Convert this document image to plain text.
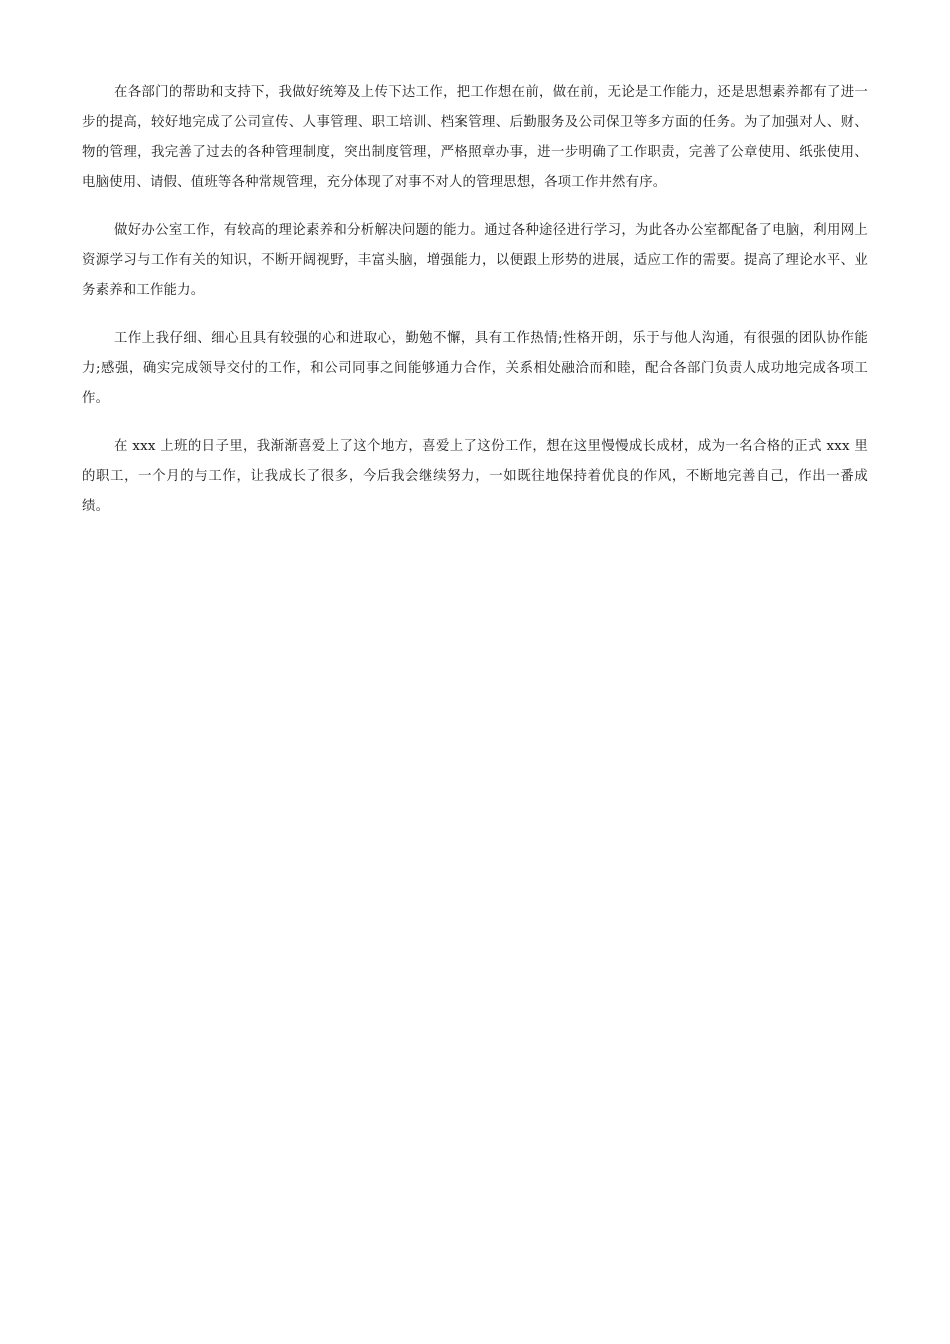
在各部门的帮助和支持下，我做好统筹及上传下达工作，把工作想在前，做在前，无论是工作能力，还是思想素养都有了进一步的提高，较好地完成了公司宣传、人事管理、职工培训、档案管理、后勤服务及公司保卫等多方面的任务。为了加强对人、财、物的管理，我完善了过去的各种管理制度，突出制度管理，严格照章办事，进一步明确了工作职责，完善了公章使用、纸张使用、电脑使用、请假、值班等各种常规管理，充分体现了对事不对人的管理思想，各项工作井然有序。

做好办公室工作，有较高的理论素养和分析解决问题的能力。通过各种途径进行学习，为此各办公室都配备了电脑，利用网上资源学习与工作有关的知识，不断开阔视野，丰富头脑，增强能力，以便跟上形势的进展，适应工作的需要。提高了理论水平、业务素养和工作能力。

工作上我仔细、细心且具有较强的心和进取心，勤勉不懈，具有工作热情;性格开朗，乐于与他人沟通，有很强的团队协作能力;感强，确实完成领导交付的工作，和公司同事之间能够通力合作，关系相处融洽而和睦，配合各部门负责人成功地完成各项工作。

在 xxx 上班的日子里，我渐渐喜爱上了这个地方，喜爱上了这份工作，想在这里慢慢成长成材，成为一名合格的正式 xxx 里的职工，一个月的与工作，让我成长了很多，今后我会继续努力，一如既往地保持着优良的作风，不断地完善自己，作出一番成绩。
